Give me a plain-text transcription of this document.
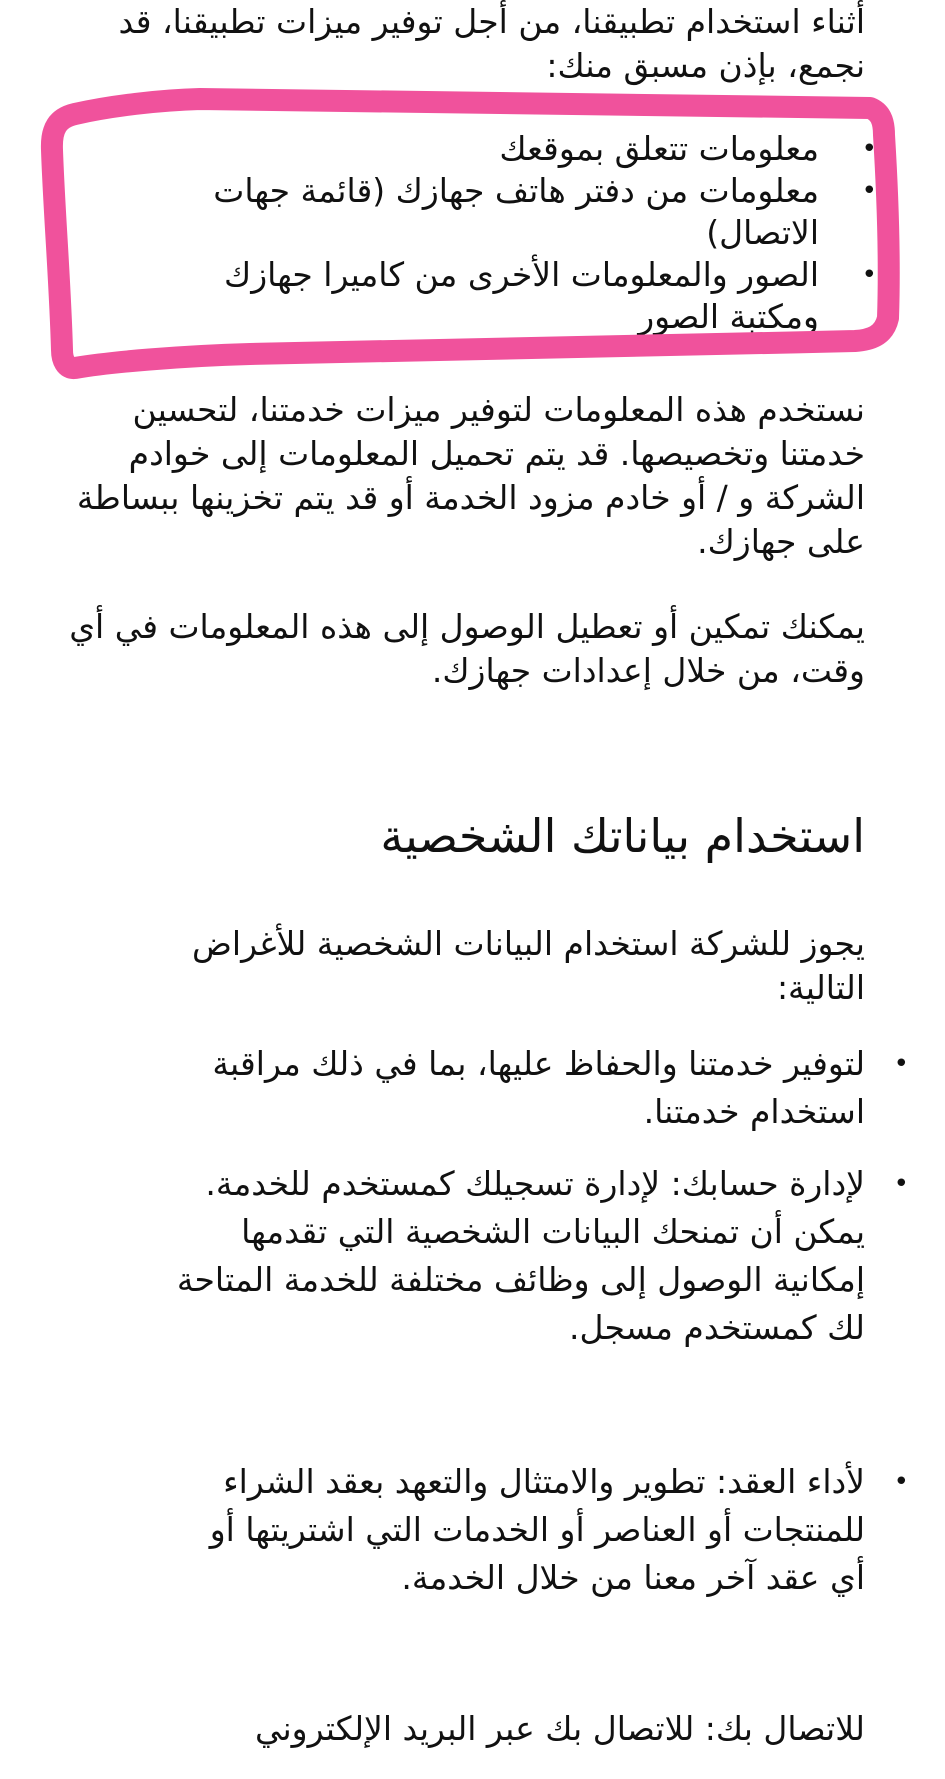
أثناء استخدام تطبيقنا، من أجل توفير ميزات تطبيقنا، قد نجمع، بإذن مسبق منك:

•
معلومات تتعلق بموقعك
•
معلومات من دفتر هاتف جهازك (قائمة جهات الاتصال)
•
الصور والمعلومات الأخرى من كاميرا جهازك ومكتبة الصور

نستخدم هذه المعلومات لتوفير ميزات خدمتنا، لتحسين خدمتنا وتخصيصها. قد يتم تحميل المعلومات إلى خوادم الشركة و / أو خادم مزود الخدمة أو قد يتم تخزينها ببساطة على جهازك.

يمكنك تمكين أو تعطيل الوصول إلى هذه المعلومات في أي وقت، من خلال إعدادات جهازك.

استخدام بياناتك الشخصية

يجوز للشركة استخدام البيانات الشخصية للأغراض التالية:

•
لتوفير خدمتنا والحفاظ عليها، بما في ذلك مراقبة استخدام خدمتنا.
•
لإدارة حسابك: لإدارة تسجيلك كمستخدم للخدمة. يمكن أن تمنحك البيانات الشخصية التي تقدمها إمكانية الوصول إلى وظائف مختلفة للخدمة المتاحة لك كمستخدم مسجل.
•
لأداء العقد: تطوير والامتثال والتعهد بعقد الشراء للمنتجات أو العناصر أو الخدمات التي اشتريتها أو أي عقد آخر معنا من خلال الخدمة.
للاتصال بك: للاتصال بك عبر البريد الإلكتروني
